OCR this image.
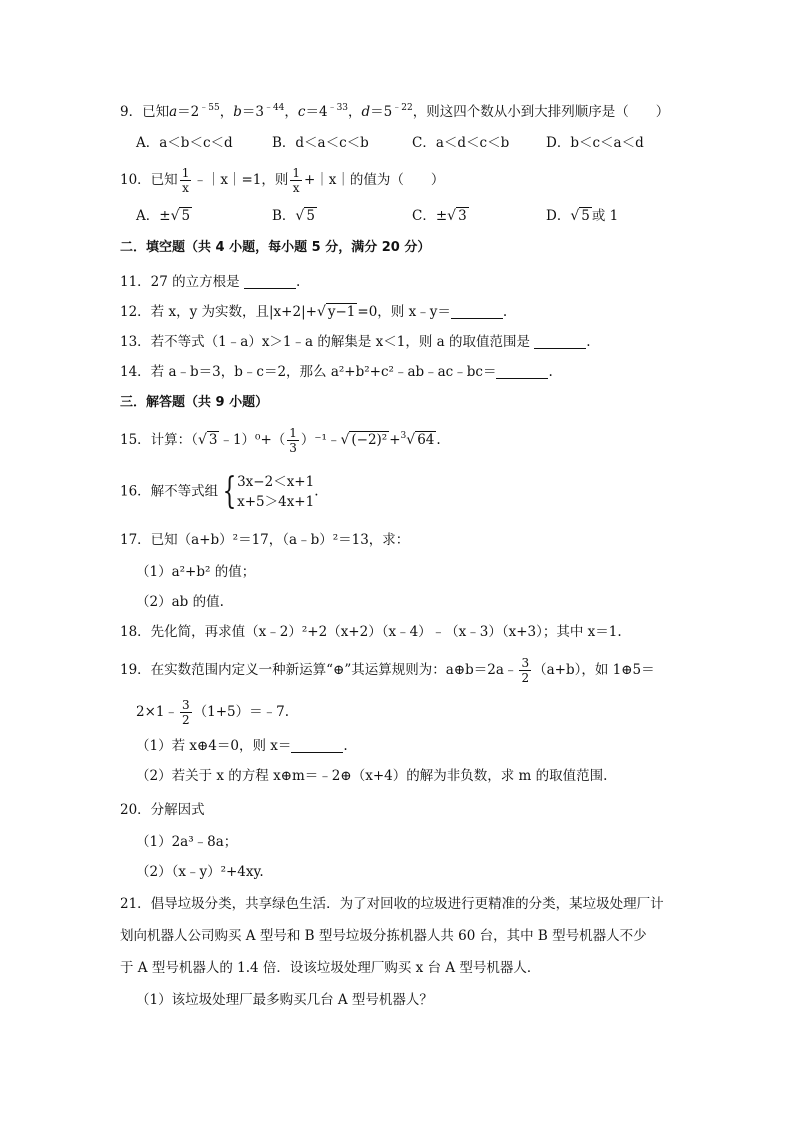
9．已知$a=2^{﹣55}$，$b=3^{﹣44}$，$c=4^{﹣33}$，$d=5^{﹣22}$，则这四个数从小到大排列顺序是（　　）
A．a＜b＜c＜d	B．d＜a＜c＜b	C．a＜d＜c＜b	D．b＜c＜a＜d
10．已知 $\frac{1}{x}$ ﹣｜x｜=1，则 $\frac{1}{x}$ +｜x｜的值为（　　）
A．±√ 5	B．√ 5	C．±√ 3	D．√ 5 或 1
二．填空题（共 4 小题，每小题 5 分，满分 20 分）
11．27 的立方根是	.
12．若 x，y 为实数，且|x+2|+√ y−1 =0，则 x﹣y＝	.
13．若不等式（1﹣a）x＞1﹣a 的解集是 x＜1，则 a 的取值范围是	.
14．若 a﹣b＝3，b﹣c＝2，那么 a²+b²+c²﹣ab﹣ac﹣bc＝	.
三．解答题（共 9 小题）
15．计算：（√ 3 ﹣1）⁰+（ $\frac{1}{3}$ ）⁻¹﹣√ (−2)² +$^3$√ 64 .
16．解不等式组 { 3x−2＜x+1
x+5＞4x+1
.
17．已知（a+b）²＝17，（a﹣b）²＝13，求：
（1）a²+b² 的值；
（2）ab 的值.
18．先化简，再求值（x﹣2）²+2（x+2）（x﹣4）﹣（x﹣3）（x+3）；其中 x＝1.
19．在实数范围内定义一种新运算“⊕”其运算规则为：a⊕b＝2a﹣ $\frac{3}{2} (a+b)$，如 1⊕5＝
2×1﹣ $\frac{3}{2}$ （1+5）＝﹣7.
（1）若 x⊕4＝0，则 x＝	.
（2）若关于 x 的方程 x⊕m＝﹣2⊕（x+4）的解为非负数，求 m 的取值范围.
20．分解因式
（1）2a³﹣8a；
（2）（x﹣y）²+4xy.
21．倡导垃圾分类，共享绿色生活．为了对回收的垃圾进行更精准的分类，某垃圾处理厂计
划向机器人公司购买 A 型号和 B 型号垃圾分拣机器人共 60 台，其中 B 型号机器人不少
于 A 型号机器人的 1.4 倍．设该垃圾处理厂购买 x 台 A 型号机器人．
（1）该垃圾处理厂最多购买几台 A 型号机器人？
